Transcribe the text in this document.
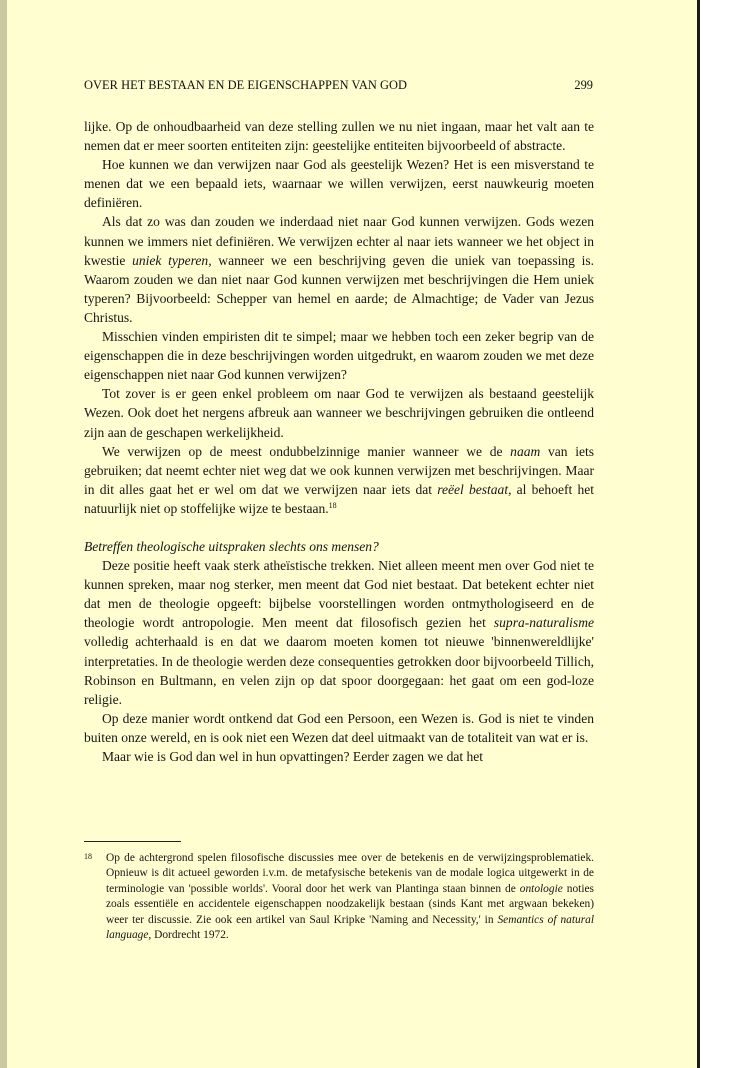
OVER HET BESTAAN EN DE EIGENSCHAPPEN VAN GOD	299

lijke. Op de onhoudbaarheid van deze stelling zullen we nu niet ingaan, maar het valt aan te nemen dat er meer soorten entiteiten zijn: geestelijke entiteiten bijvoorbeeld of abstracte.

Hoe kunnen we dan verwijzen naar God als geestelijk Wezen? Het is een misverstand te menen dat we een bepaald iets, waarnaar we willen verwijzen, eerst nauwkeurig moeten definiëren.

Als dat zo was dan zouden we inderdaad niet naar God kunnen verwijzen. Gods wezen kunnen we immers niet definiëren. We verwijzen echter al naar iets wanneer we het object in kwestie uniek typeren, wanneer we een beschrijving geven die uniek van toepassing is. Waarom zouden we dan niet naar God kunnen verwijzen met beschrijvingen die Hem uniek typeren? Bijvoorbeeld: Schepper van hemel en aarde; de Almachtige; de Vader van Jezus Christus.

Misschien vinden empiristen dit te simpel; maar we hebben toch een zeker begrip van de eigenschappen die in deze beschrijvingen worden uitgedrukt, en waarom zouden we met deze eigenschappen niet naar God kunnen verwijzen?

Tot zover is er geen enkel probleem om naar God te verwijzen als bestaand geestelijk Wezen. Ook doet het nergens afbreuk aan wanneer we beschrijvingen gebruiken die ontleend zijn aan de geschapen werkelijkheid.

We verwijzen op de meest ondubbelzinnige manier wanneer we de naam van iets gebruiken; dat neemt echter niet weg dat we ook kunnen verwijzen met beschrijvingen. Maar in dit alles gaat het er wel om dat we verwijzen naar iets dat reëel bestaat, al behoeft het natuurlijk niet op stoffelijke wijze te bestaan.$^{18}$

Betreffen theologische uitspraken slechts ons mensen?

Deze positie heeft vaak sterk atheïstische trekken. Niet alleen meent men over God niet te kunnen spreken, maar nog sterker, men meent dat God niet bestaat. Dat betekent echter niet dat men de theologie opgeeft: bijbelse voorstellingen worden ontmythologiseerd en de theologie wordt antropologie. Men meent dat filosofisch gezien het supra-naturalisme volledig achterhaald is en dat we daarom moeten komen tot nieuwe 'binnenwereldlijke' interpretaties. In de theologie werden deze consequenties getrokken door bijvoorbeeld Tillich, Robinson en Bultmann, en velen zijn op dat spoor doorgegaan: het gaat om een god-loze religie.

Op deze manier wordt ontkend dat God een Persoon, een Wezen is. God is niet te vinden buiten onze wereld, en is ook niet een Wezen dat deel uitmaakt van de totaliteit van wat er is.

Maar wie is God dan wel in hun opvattingen? Eerder zagen we dat het

18 Op de achtergrond spelen filosofische discussies mee over de betekenis en de verwijzingsproblematiek. Opnieuw is dit actueel geworden i.v.m. de metafysische betekenis van de modale logica uitgewerkt in de terminologie van 'possible worlds'. Vooral door het werk van Plantinga staan binnen de ontologie noties zoals essentiële en accidentele eigenschappen noodzakelijk bestaan (sinds Kant met argwaan bekeken) weer ter discussie. Zie ook een artikel van Saul Kripke 'Naming and Necessity,' in Semantics of natural language, Dordrecht 1972.
